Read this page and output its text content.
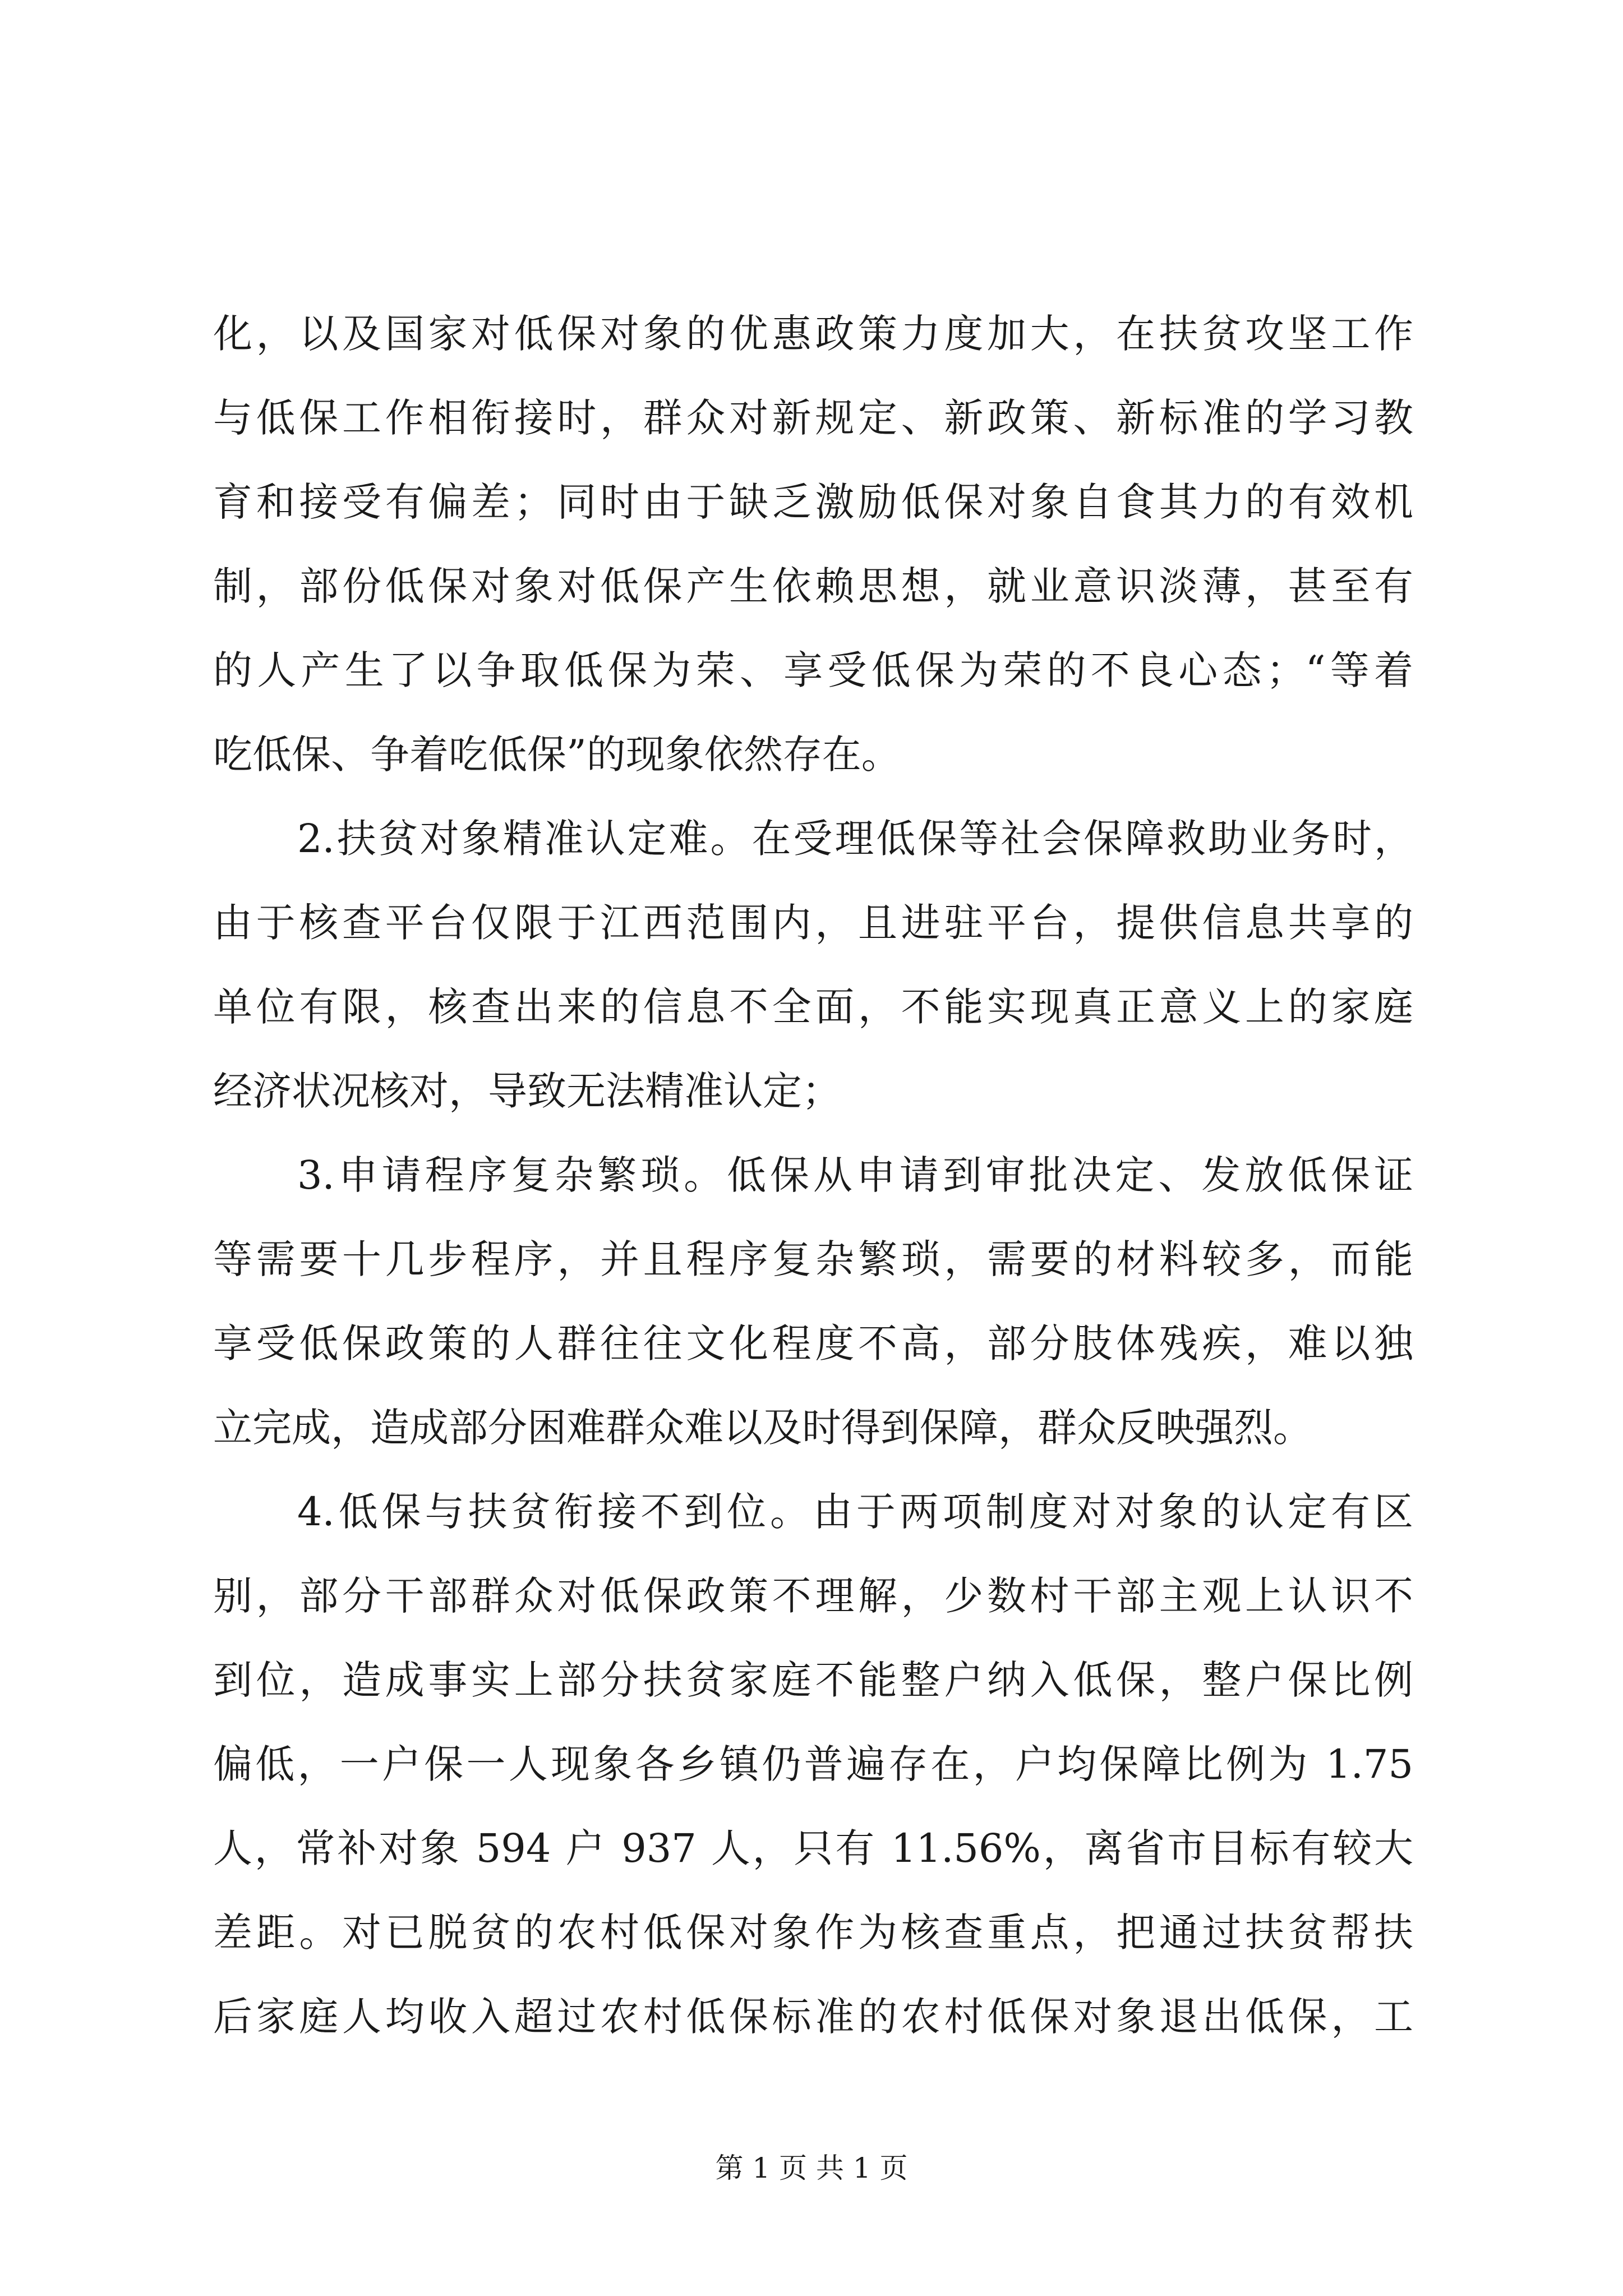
化，以及国家对低保对象的优惠政策力度加大，在扶贫攻坚工作
与低保工作相衔接时，群众对新规定、新政策、新标准的学习教
育和接受有偏差；同时由于缺乏激励低保对象自食其力的有效机
制，部份低保对象对低保产生依赖思想，就业意识淡薄，甚至有
的人产生了以争取低保为荣、享受低保为荣的不良心态；“等着
吃低保、争着吃低保”的现象依然存在。
2.扶贫对象精准认定难。在受理低保等社会保障救助业务时，
由于核查平台仅限于江西范围内，且进驻平台，提供信息共享的
单位有限，核查出来的信息不全面，不能实现真正意义上的家庭
经济状况核对，导致无法精准认定；
3.申请程序复杂繁琐。低保从申请到审批决定、发放低保证
等需要十几步程序，并且程序复杂繁琐，需要的材料较多，而能
享受低保政策的人群往往文化程度不高，部分肢体残疾，难以独
立完成，造成部分困难群众难以及时得到保障，群众反映强烈。
4.低保与扶贫衔接不到位。由于两项制度对对象的认定有区
别，部分干部群众对低保政策不理解，少数村干部主观上认识不
到位，造成事实上部分扶贫家庭不能整户纳入低保，整户保比例
偏低，一户保一人现象各乡镇仍普遍存在，户均保障比例为 1.75
人，常补对象 594 户 937 人，只有 11.56%，离省市目标有较大
差距。对已脱贫的农村低保对象作为核查重点，把通过扶贫帮扶
后家庭人均收入超过农村低保标准的农村低保对象退出低保，工
第 1 页 共 1 页
